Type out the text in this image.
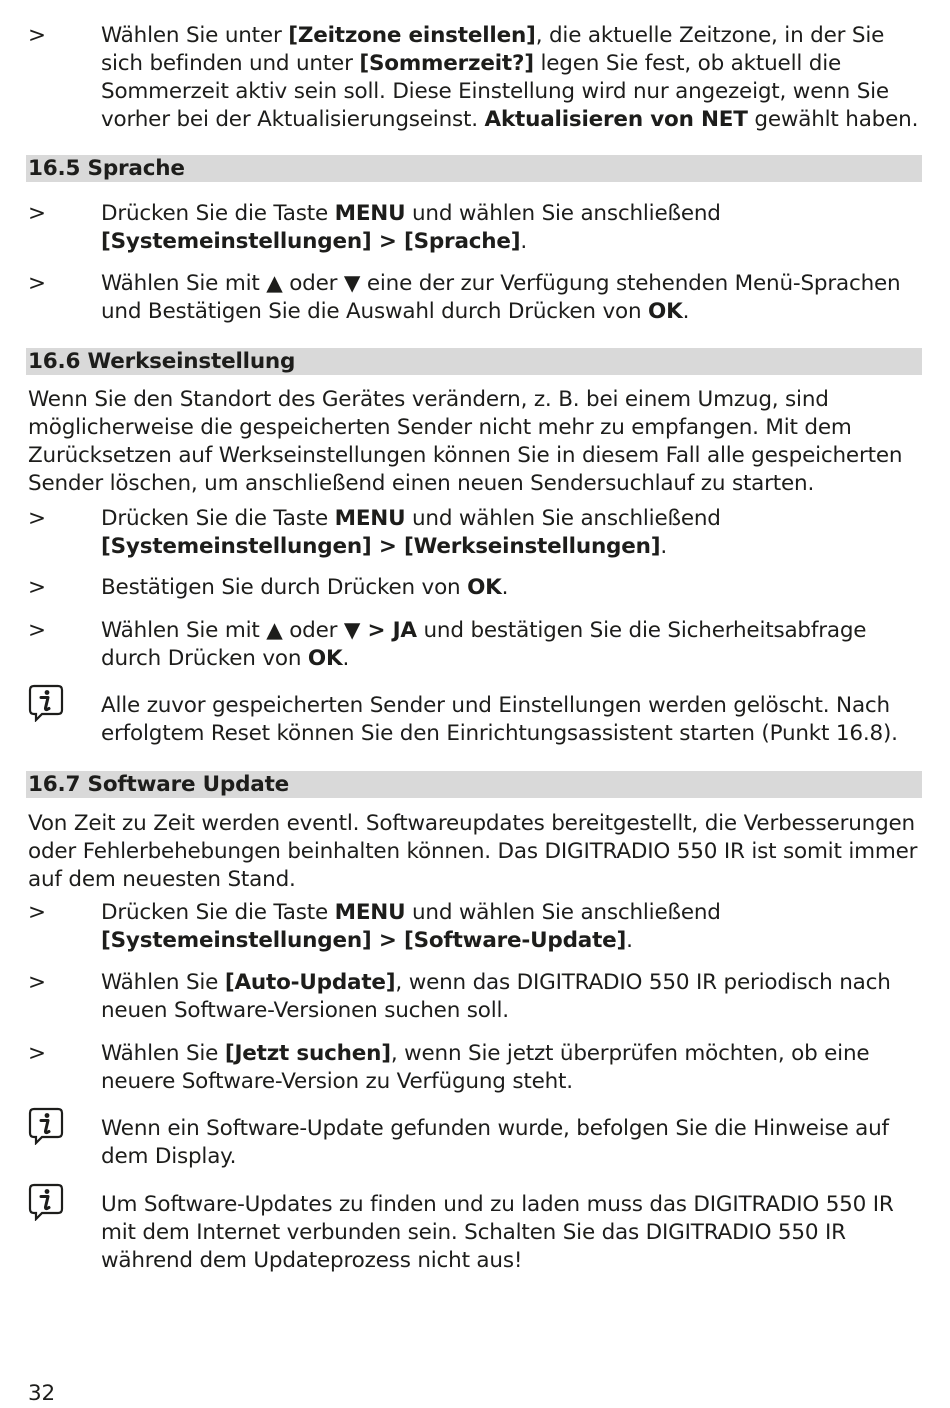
>	Wählen Sie unter [Zeitzone einstellen], die aktuelle Zeitzone, in der Sie sich befinden und unter [Sommerzeit?] legen Sie fest, ob aktuell die Sommerzeit aktiv sein soll. Diese Einstellung wird nur angezeigt, wenn Sie vorher bei der Aktualisierungseinst. Aktualisieren von NET gewählt haben.
16.5 Sprache
>	Drücken Sie die Taste MENU und wählen Sie anschließend
[Systemeinstellungen] > [Sprache].
>	Wählen Sie mit ▲ oder ▼ eine der zur Verfügung stehenden Menü-Sprachen und Bestätigen Sie die Auswahl durch Drücken von OK.
16.6 Werkseinstellung
Wenn Sie den Standort des Gerätes verändern, z. B. bei einem Umzug, sind möglicherweise die gespeicherten Sender nicht mehr zu empfangen. Mit dem Zurücksetzen auf Werkseinstellungen können Sie in diesem Fall alle gespeicherten Sender löschen, um anschließend einen neuen Sendersuchlauf zu starten.
>	Drücken Sie die Taste MENU und wählen Sie anschließend
[Systemeinstellungen] > [Werkseinstellungen].
>	Bestätigen Sie durch Drücken von OK.
>	Wählen Sie mit ▲ oder ▼ > JA und bestätigen Sie die Sicherheitsabfrage durch Drücken von OK.
Alle zuvor gespeicherten Sender und Einstellungen werden gelöscht. Nach erfolgtem Reset können Sie den Einrichtungsassistent starten (Punkt 16.8).
16.7 Software Update
Von Zeit zu Zeit werden eventl. Softwareupdates bereitgestellt, die Verbesserungen oder Fehlerbehebungen beinhalten können. Das DIGITRADIO 550 IR ist somit immer auf dem neuesten Stand.
>	Drücken Sie die Taste MENU und wählen Sie anschließend
[Systemeinstellungen] > [Software-Update].
>	Wählen Sie [Auto-Update], wenn das DIGITRADIO 550 IR periodisch nach neuen Software-Versionen suchen soll.
>	Wählen Sie [Jetzt suchen], wenn Sie jetzt überprüfen möchten, ob eine neuere Software-Version zu Verfügung steht.
Wenn ein Software-Update gefunden wurde, befolgen Sie die Hinweise auf dem Display.
Um Software-Updates zu finden und zu laden muss das DIGITRADIO 550 IR mit dem Internet verbunden sein. Schalten Sie das DIGITRADIO 550 IR während dem Updateprozess nicht aus!
32
